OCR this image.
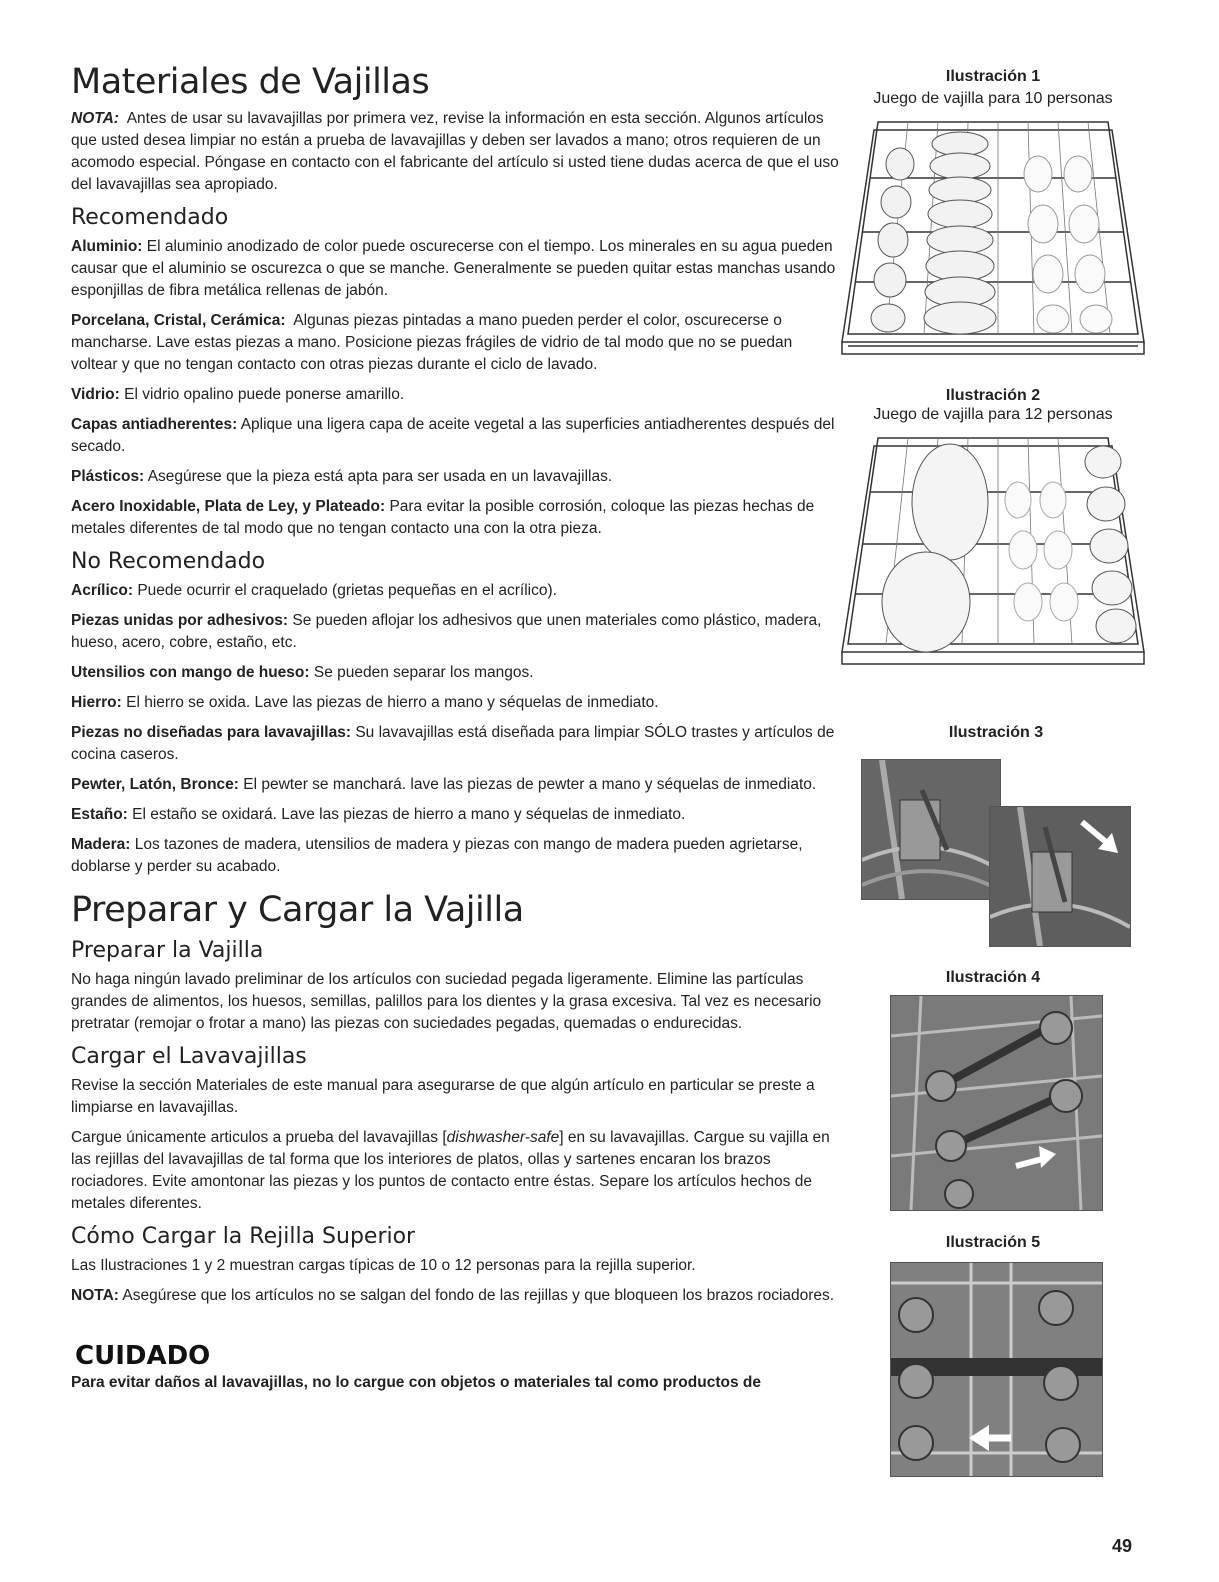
Materiales de Vajillas

NOTA: Antes de usar su lavavajillas por primera vez, revise la información en esta sección. Algunos artículos que usted desea limpiar no están a prueba de lavavajillas y deben ser lavados a mano; otros requieren de un acomodo especial. Póngase en contacto con el fabricante del artículo si usted tiene dudas acerca de que el uso del lavavajillas sea apropiado.

Recomendado

Aluminio: El aluminio anodizado de color puede oscurecerse con el tiempo. Los minerales en su agua pueden causar que el aluminio se oscurezca o que se manche. Generalmente se pueden quitar estas manchas usando esponjillas de fibra metálica rellenas de jabón.

Porcelana, Cristal, Cerámica: Algunas piezas pintadas a mano pueden perder el color, oscurecerse o mancharse. Lave estas piezas a mano. Posicione piezas frágiles de vidrio de tal modo que no se puedan voltear y que no tengan contacto con otras piezas durante el ciclo de lavado.

Vidrio: El vidrio opalino puede ponerse amarillo.

Capas antiadherentes: Aplique una ligera capa de aceite vegetal a las superficies antiadherentes después del secado.

Plásticos: Asegúrese que la pieza está apta para ser usada en un lavavajillas.

Acero Inoxidable, Plata de Ley, y Plateado: Para evitar la posible corrosión, coloque las piezas hechas de metales diferentes de tal modo que no tengan contacto una con la otra pieza.

No Recomendado

Acrílico: Puede ocurrir el craquelado (grietas pequeñas en el acrílico).

Piezas unidas por adhesivos: Se pueden aflojar los adhesivos que unen materiales como plástico, madera, hueso, acero, cobre, estaño, etc.

Utensilios con mango de hueso: Se pueden separar los mangos.

Hierro: El hierro se oxida. Lave las piezas de hierro a mano y séquelas de inmediato.

Piezas no diseñadas para lavavajillas: Su lavavajillas está diseñada para limpiar SÓLO trastes y artículos de cocina caseros.

Pewter, Latón, Bronce: El pewter se manchará. lave las piezas de pewter a mano y séquelas de inmediato.

Estaño: El estaño se oxidará. Lave las piezas de hierro a mano y séquelas de inmediato.

Madera: Los tazones de madera, utensilios de madera y piezas con mango de madera pueden agrietarse, doblarse y perder su acabado.

Preparar y Cargar la Vajilla
Preparar la Vajilla

No haga ningún lavado preliminar de los artículos con suciedad pegada ligeramente. Elimine las partículas grandes de alimentos, los huesos, semillas, palillos para los dientes y la grasa excesiva. Tal vez es necesario pretratar (remojar o frotar a mano) las piezas con suciedades pegadas, quemadas o endurecidas.

Cargar el Lavavajillas

Revise la sección Materiales de este manual para asegurarse de que algún artículo en particular se preste a limpiarse en lavavajillas.

Cargue únicamente articulos a prueba del lavavajillas [dishwasher-safe] en su lavavajillas. Cargue su vajilla en las rejillas del lavavajillas de tal forma que los interiores de platos, ollas y sartenes encaran los brazos rociadores. Evite amontonar las piezas y los puntos de contacto entre éstas. Separe los artículos hechos de metales diferentes.

Cómo Cargar la Rejilla Superior

Las Ilustraciones 1 y 2 muestran cargas típicas de 10 o 12 personas para la rejilla superior.

NOTA: Asegúrese que los artículos no se salgan del fondo de las rejillas y que bloqueen los brazos rociadores.

CUIDADO

Para evitar daños al lavavajillas, no lo cargue con objetos o materiales tal como productos de

Ilustración 1
Juego de vajilla para 10 personas
Ilustración 2
Juego de vajilla para 12 personas
Ilustración 3
Ilustración 4
Ilustración 5
49
